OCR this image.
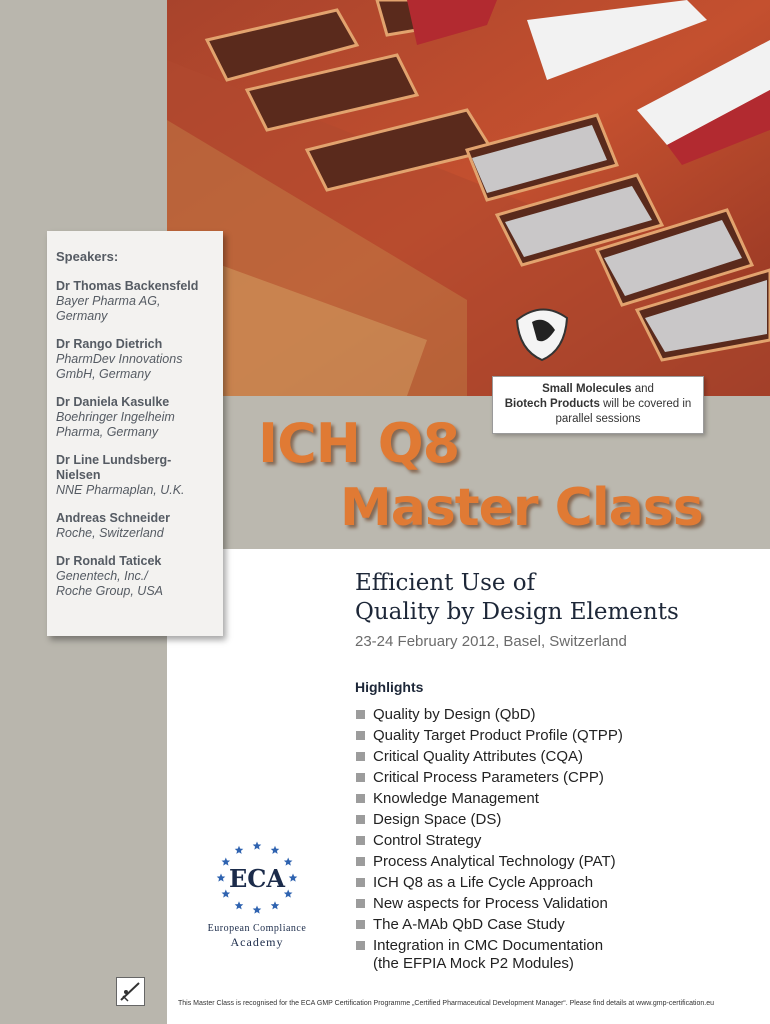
Speakers:
Dr Thomas Backensfeld
Bayer Pharma AG,
Germany
Dr Rango Dietrich
PharmDev Innovations
GmbH, Germany
Dr Daniela Kasulke
Boehringer Ingelheim
Pharma, Germany
Dr Line Lundsberg-
Nielsen
NNE Pharmaplan, U.K.
Andreas Schneider
Roche, Switzerland
Dr Ronald Taticek
Genentech, Inc./
Roche Group, USA
Small Molecules and
Biotech Products will be covered in parallel sessions
ICH Q8
Master Class
Efficient Use of
Quality by Design Elements
23-24 February 2012, Basel, Switzerland
Highlights
Quality by Design (QbD)
Quality Target Product Profile (QTPP)
Critical Quality Attributes (CQA)
Critical Process Parameters (CPP)
Knowledge Management
Design Space (DS)
Control Strategy
Process Analytical Technology (PAT)
ICH Q8 as a Life Cycle Approach
New aspects for Process Validation
The A-MAb QbD Case Study
Integration in CMC Documentation
(the EFPIA Mock P2 Modules)
ECA
European Compliance
Academy
This Master Class is recognised for the ECA GMP Certification Programme „Certified Pharmaceutical Development Manager“. Please find details at www.gmp-certification.eu
